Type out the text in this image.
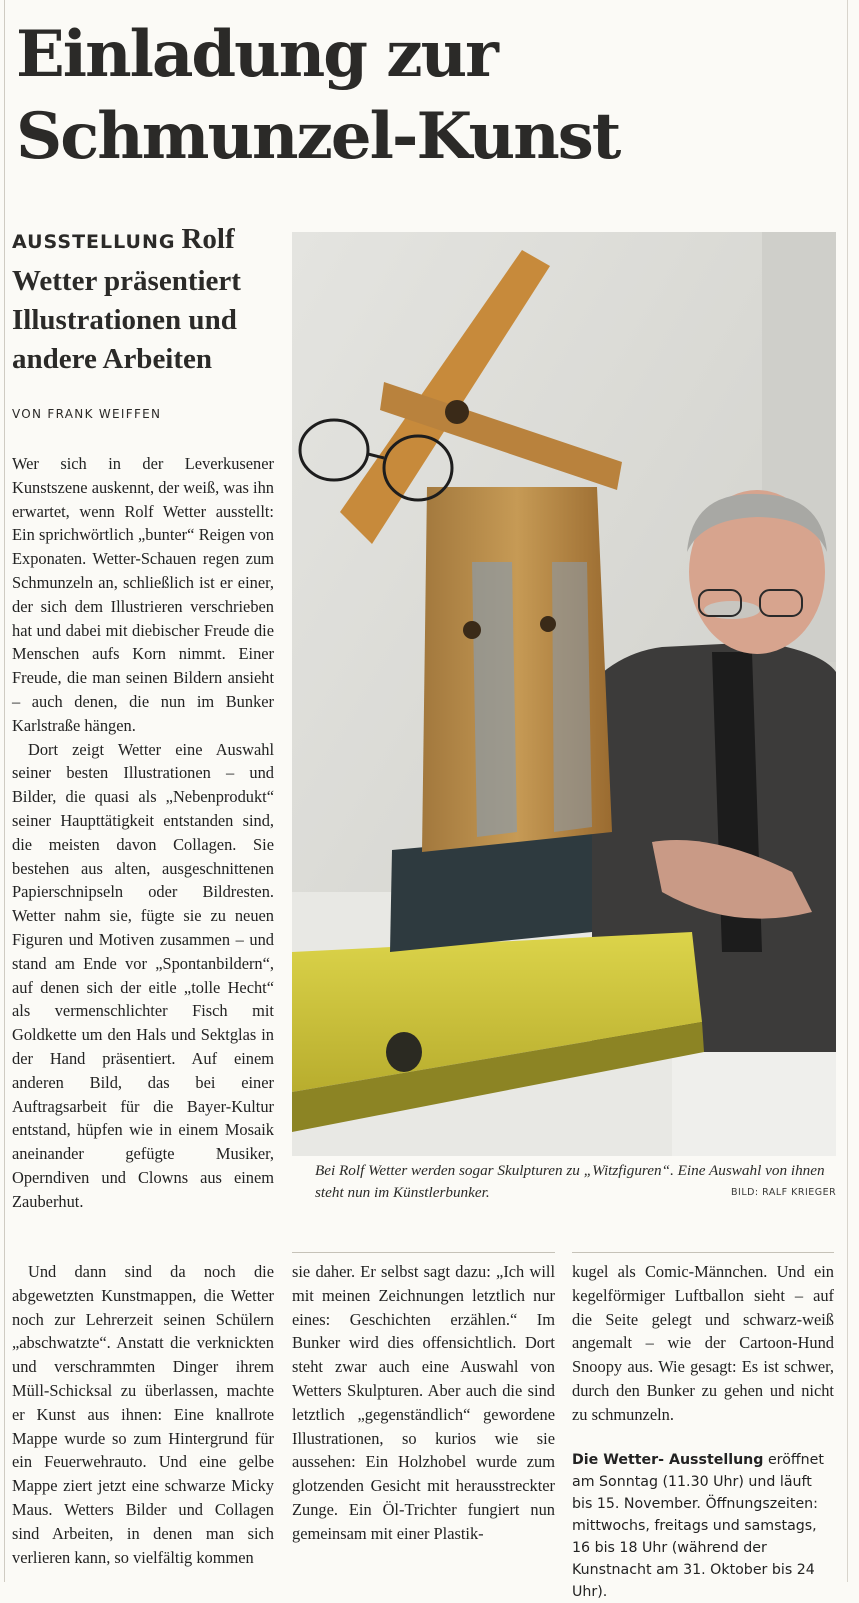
Einladung zur
Schmunzel-Kunst
AUSSTELLUNG Rolf Wetter präsentiert Illustrationen und andere Arbeiten
VON FRANK WEIFFEN

Wer sich in der Leverkusener Kunstszene auskennt, der weiß, was ihn erwartet, wenn Rolf Wetter ausstellt: Ein sprichwörtlich „bunter“ Reigen von Exponaten. Wetter-Schauen regen zum Schmunzeln an, schließlich ist er einer, der sich dem Illustrieren verschrieben hat und dabei mit diebischer Freude die Menschen aufs Korn nimmt. Einer Freude, die man seinen Bildern ansieht – auch denen, die nun im Bunker Karlstraße hängen.

Dort zeigt Wetter eine Auswahl seiner besten Illustrationen – und Bilder, die quasi als „Nebenprodukt“ seiner Haupttätigkeit entstanden sind, die meisten davon Collagen. Sie bestehen aus alten, ausgeschnittenen Papierschnipseln oder Bildresten. Wetter nahm sie, fügte sie zu neuen Figuren und Motiven zusammen – und stand am Ende vor „Spontanbildern“, auf denen sich der eitle „tolle Hecht“ als vermenschlichter Fisch mit Goldkette um den Hals und Sektglas in der Hand präsentiert. Auf einem anderen Bild, das bei einer Auftragsarbeit für die Bayer-Kultur entstand, hüpfen wie in einem Mosaik aneinander gefügte Musiker, Operndiven und Clowns aus einem Zauberhut.

Bei Rolf Wetter werden sogar Skulpturen zu „Witzfiguren“. Eine Auswahl von ihnen steht nun im Künstlerbunker.	BILD: RALF KRIEGER

Und dann sind da noch die abgewetzten Kunstmappen, die Wetter noch zur Lehrerzeit seinen Schülern „abschwatzte“. Anstatt die verknickten und verschrammten Dinger ihrem Müll-Schicksal zu überlassen, machte er Kunst aus ihnen: Eine knallrote Mappe wurde so zum Hintergrund für ein Feuerwehrauto. Und eine gelbe Mappe ziert jetzt eine schwarze Micky Maus. Wetters Bilder und Collagen sind Arbeiten, in denen man sich verlieren kann, so vielfältig kommen

sie daher. Er selbst sagt dazu: „Ich will mit meinen Zeichnungen letztlich nur eines: Geschichten erzählen.“ Im Bunker wird dies offensichtlich. Dort steht zwar auch eine Auswahl von Wetters Skulpturen. Aber auch die sind letztlich „gegenständlich“ gewordene Illustrationen, so kurios wie sie aussehen: Ein Holzhobel wurde zum glotzenden Gesicht mit herausstreckter Zunge. Ein Öl-Trichter fungiert nun gemeinsam mit einer Plastik-

kugel als Comic-Männchen. Und ein kegelförmiger Luftballon sieht – auf die Seite gelegt und schwarz-weiß angemalt – wie der Cartoon-Hund Snoopy aus. Wie gesagt: Es ist schwer, durch den Bunker zu gehen und nicht zu schmunzeln.

Die Wetter- Ausstellung eröffnet am Sonntag (11.30 Uhr) und läuft bis 15. November. Öffnungszeiten: mittwochs, freitags und samstags, 16 bis 18 Uhr (während der Kunstnacht am 31. Oktober bis 24 Uhr).
